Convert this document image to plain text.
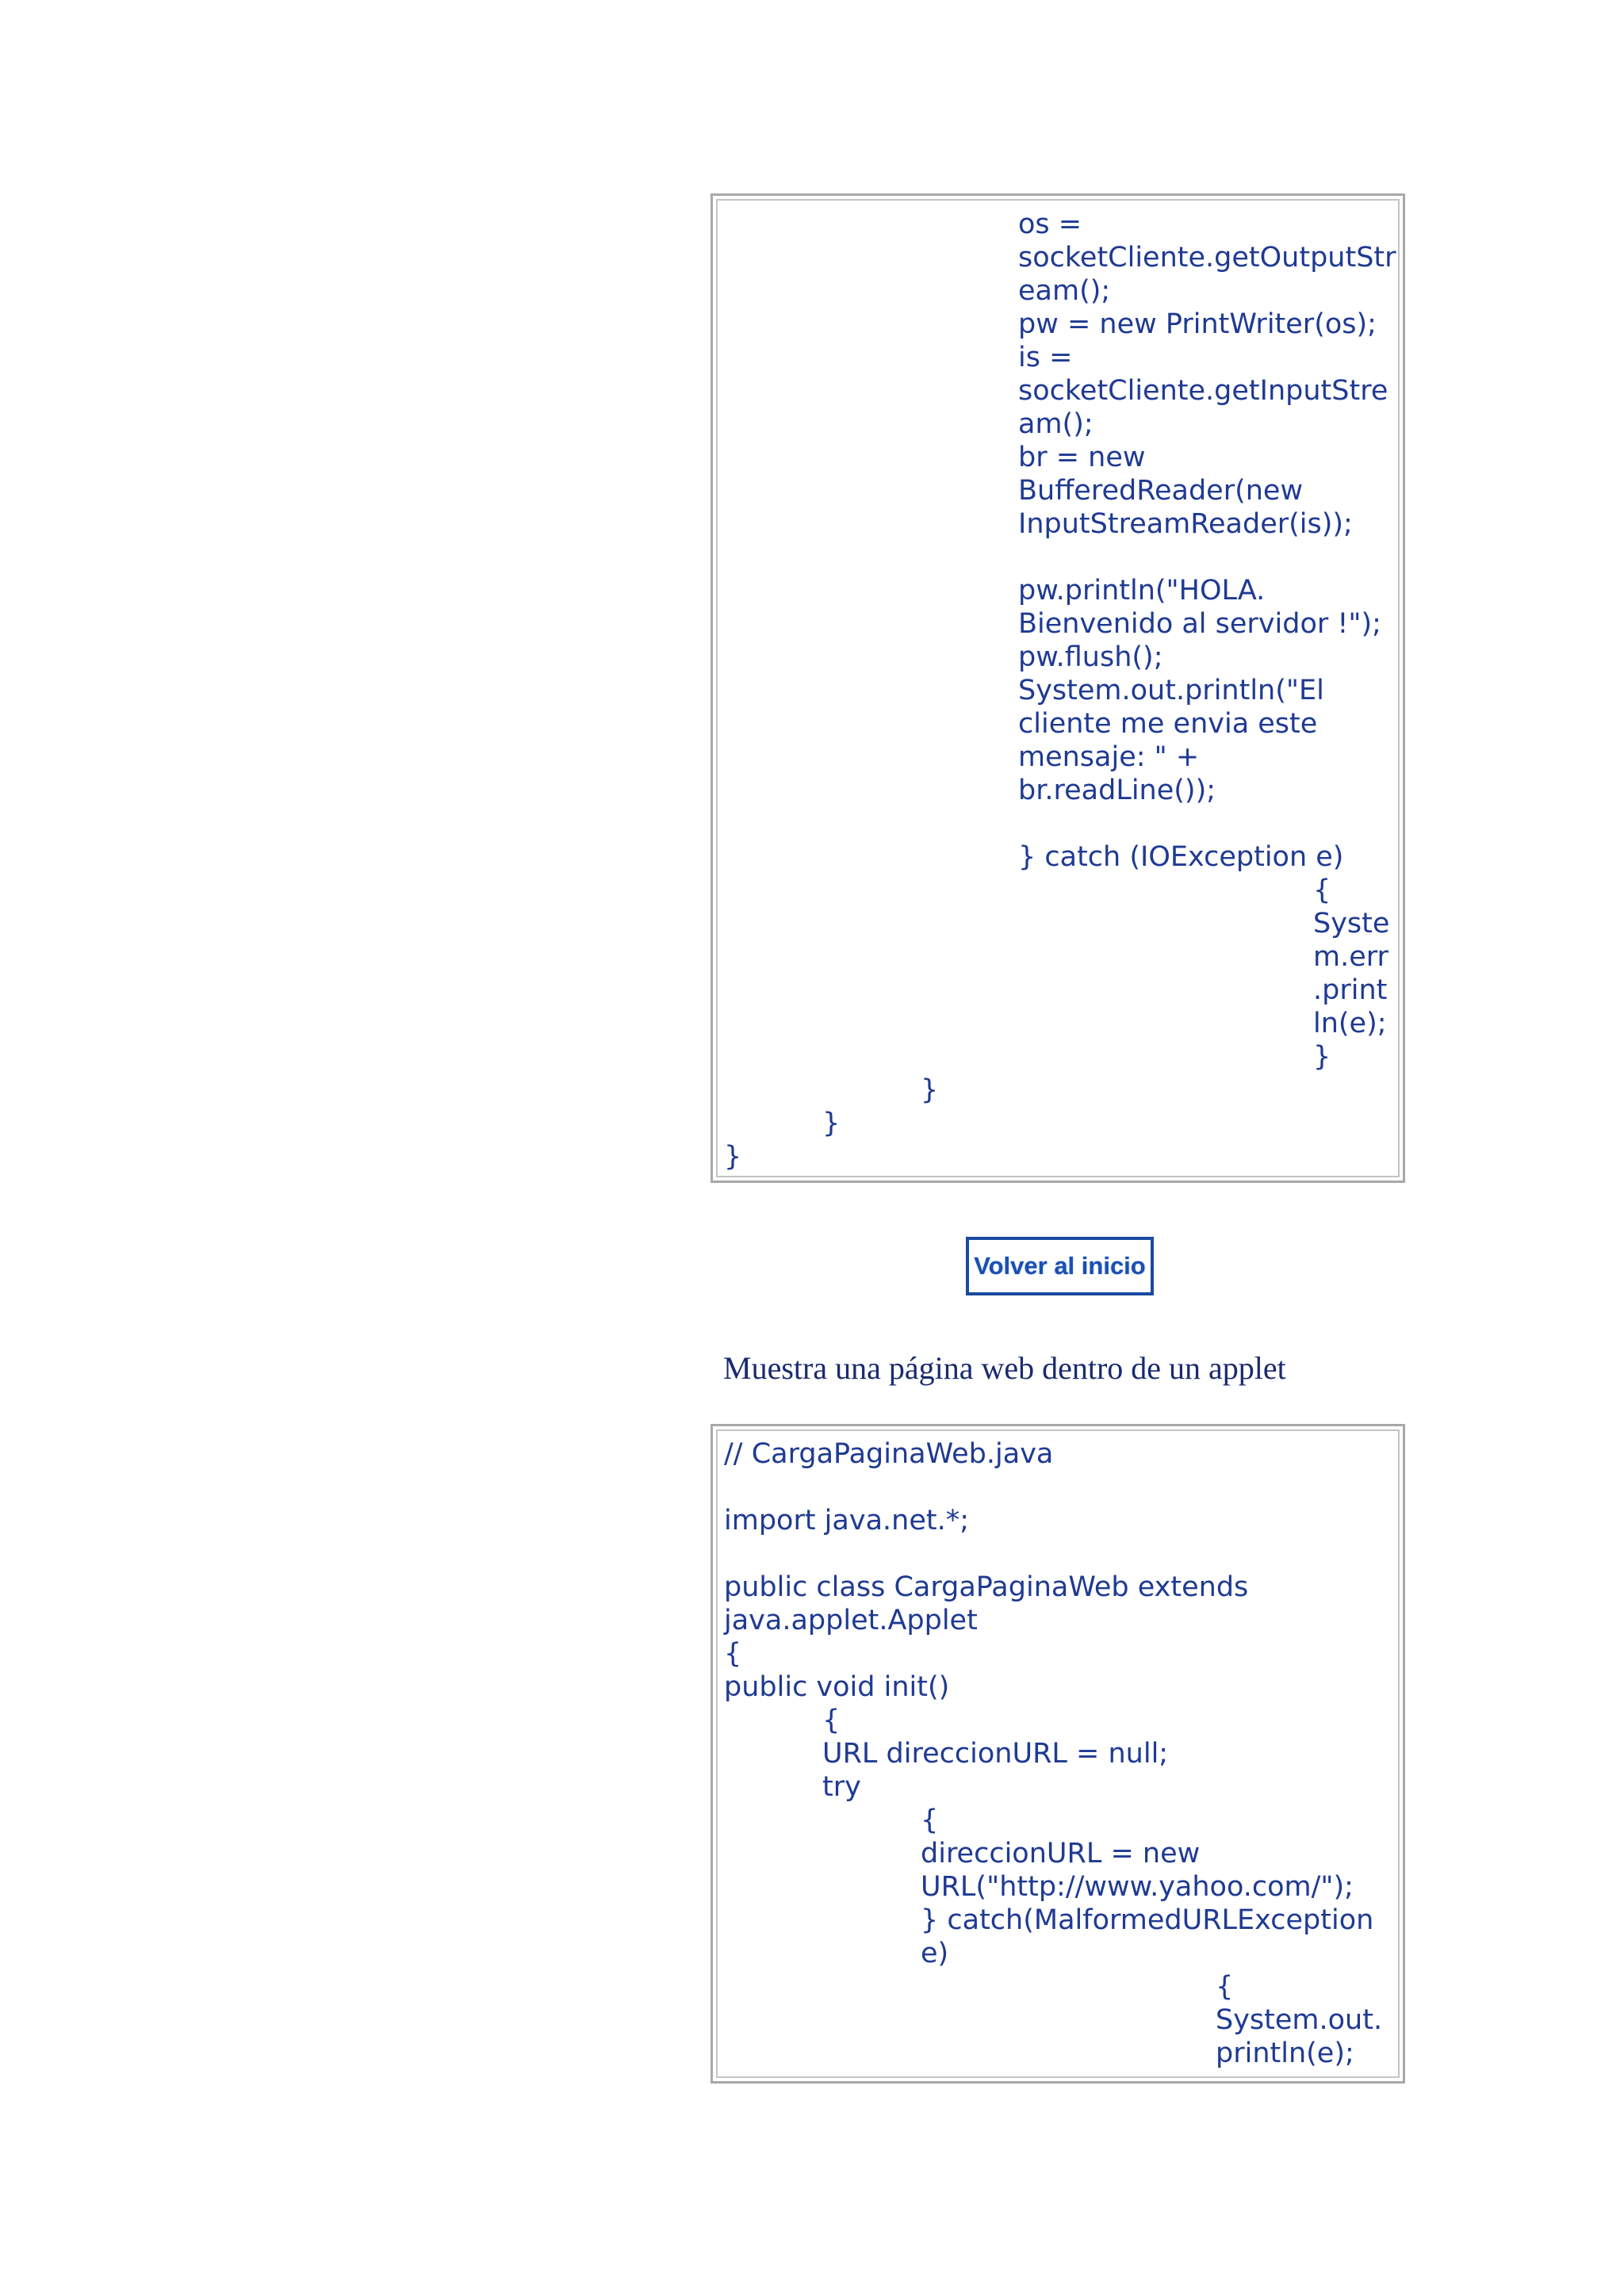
os =

socketCliente.getOutputStr

eam();

pw = new PrintWriter(os);

is =

socketCliente.getInputStre

am();

br = new

BufferedReader(new

InputStreamReader(is));

pw.println("HOLA.

Bienvenido al servidor !");

pw.flush();

System.out.println("El

cliente me envia este

mensaje: " +

br.readLine());

} catch (IOException e)

{

Syste

m.err

.print

ln(e);

}

}

}

}

Volver al inicio

Muestra una página web dentro de un applet

// CargaPaginaWeb.java

import java.net.*;

public class CargaPaginaWeb extends

java.applet.Applet

{

public void init()

{

URL direccionURL = null;

try

{

direccionURL = new

URL("http://www.yahoo.com/");

} catch(MalformedURLException

e)

{

System.out.

println(e);
